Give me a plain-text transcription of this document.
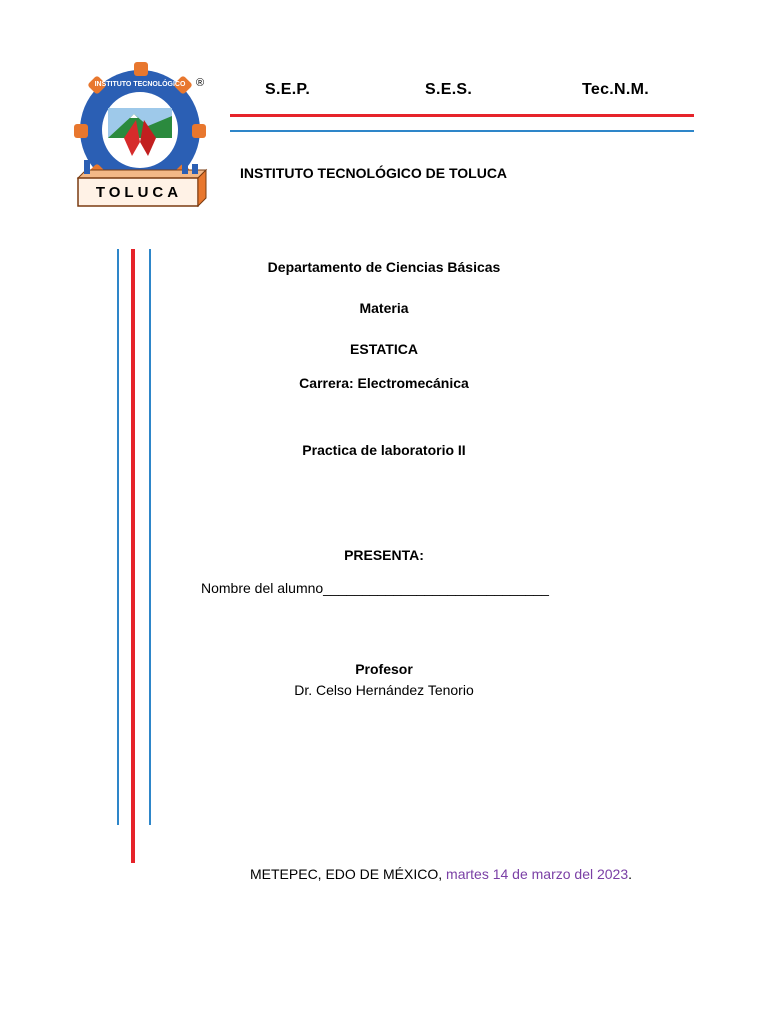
INSTITUTO TECNOLÓGICO ®
TOLUCA
S.E.P.	S.E.S.	Tec.N.M.
INSTITUTO TECNOLÓGICO DE TOLUCA
Departamento de Ciencias Básicas
Materia
ESTATICA
Carrera: Electromecánica
Practica de laboratorio II
PRESENTA:
Nombre del alumno_____________________________
Profesor
Dr. Celso Hernández Tenorio
METEPEC, EDO DE MÉXICO, martes 14 de marzo del 2023.
